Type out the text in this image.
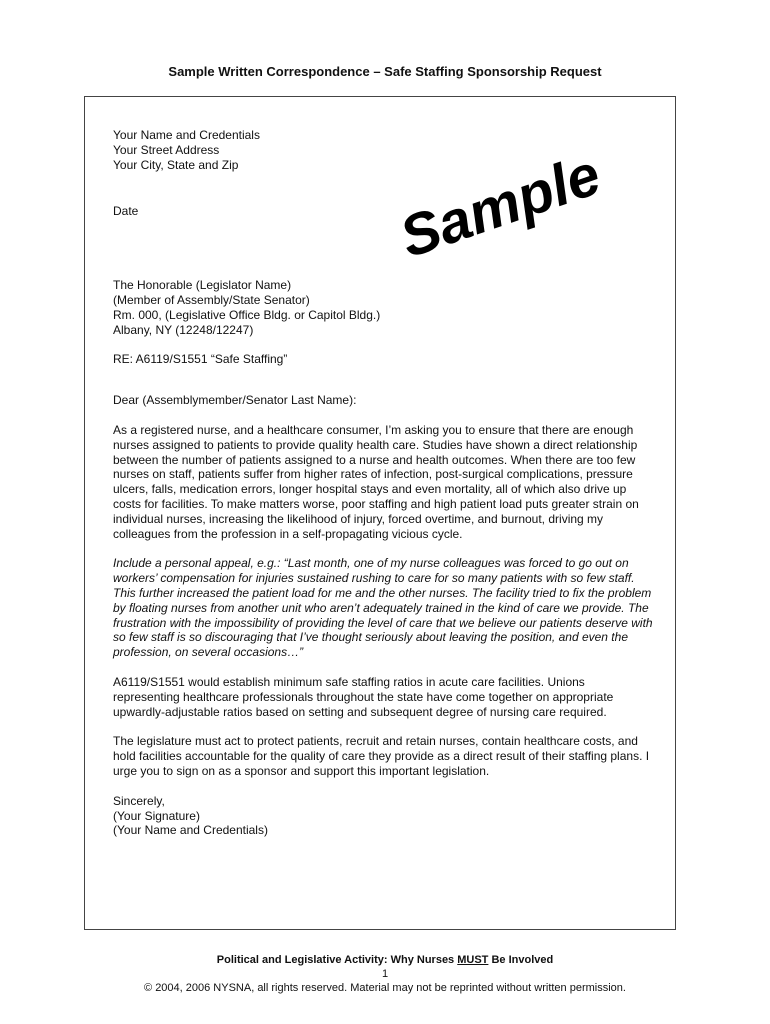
Sample Written Correspondence – Safe Staffing Sponsorship Request
Sample
Your Name and Credentials
Your Street Address
Your City, State and Zip
Date
The Honorable (Legislator Name)
(Member of Assembly/State Senator)
Rm. 000, (Legislative Office Bldg. or Capitol Bldg.)
Albany, NY (12248/12247)
RE: A6119/S1551 “Safe Staffing”
Dear (Assemblymember/Senator Last Name):
As a registered nurse, and a healthcare consumer, I’m asking you to ensure that there are enough
nurses assigned to patients to provide quality health care. Studies have shown a direct relationship
between the number of patients assigned to a nurse and health outcomes. When there are too few
nurses on staff, patients suffer from higher rates of infection, post-surgical complications, pressure
ulcers, falls, medication errors, longer hospital stays and even mortality, all of which also drive up
costs for facilities. To make matters worse, poor staffing and high patient load puts greater strain on
individual nurses, increasing the likelihood of injury, forced overtime, and burnout, driving my
colleagues from the profession in a self-propagating vicious cycle.
Include a personal appeal, e.g.: “Last month, one of my nurse colleagues was forced to go out on
workers’ compensation for injuries sustained rushing to care for so many patients with so few staff.
This further increased the patient load for me and the other nurses. The facility tried to fix the problem
by floating nurses from another unit who aren’t adequately trained in the kind of care we provide. The
frustration with the impossibility of providing the level of care that we believe our patients deserve with
so few staff is so discouraging that I’ve thought seriously about leaving the position, and even the
profession, on several occasions…”
A6119/S1551 would establish minimum safe staffing ratios in acute care facilities. Unions
representing healthcare professionals throughout the state have come together on appropriate
upwardly-adjustable ratios based on setting and subsequent degree of nursing care required.
The legislature must act to protect patients, recruit and retain nurses, contain healthcare costs, and
hold facilities accountable for the quality of care they provide as a direct result of their staffing plans. I
urge you to sign on as a sponsor and support this important legislation.
Sincerely,
(Your Signature)
(Your Name and Credentials)
Political and Legislative Activity: Why Nurses MUST Be Involved
1
© 2004, 2006 NYSNA, all rights reserved. Material may not be reprinted without written permission.
